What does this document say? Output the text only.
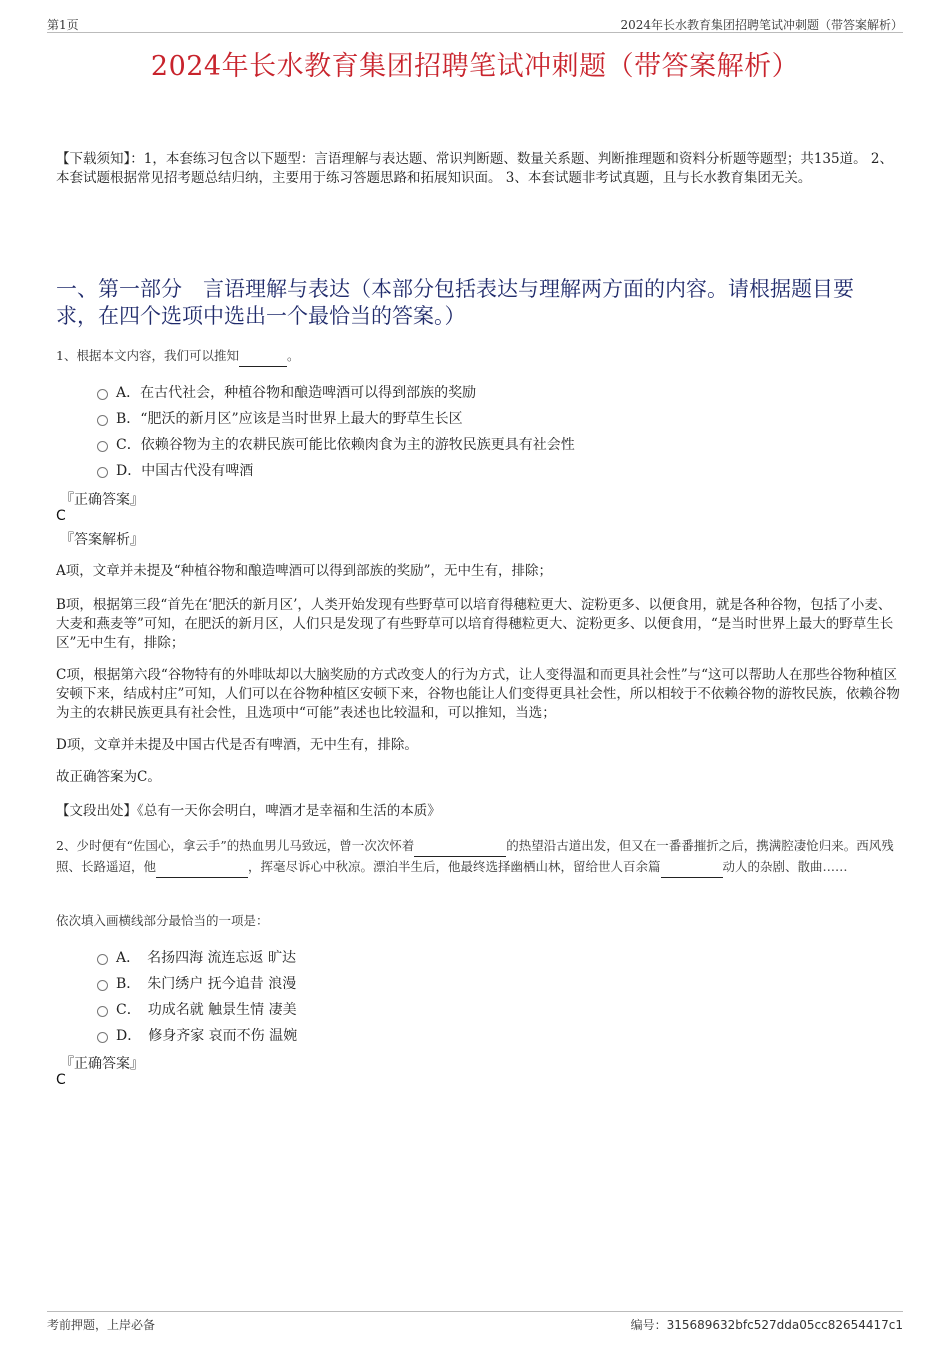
第1页	2024年长水教育集团招聘笔试冲刺题（带答案解析）
2024年长水教育集团招聘笔试冲刺题（带答案解析）
【下载须知】：1，本套练习包含以下题型：言语理解与表达题、常识判断题、数量关系题、判断推理题和资料分析题等题型；共135道。 2、本套试题根据常见招考题总结归纳，主要用于练习答题思路和拓展知识面。 3、本套试题非考试真题，且与长水教育集团无关。
一、第一部分　言语理解与表达（本部分包括表达与理解两方面的内容。请根据题目要求，在四个选项中选出一个最恰当的答案。）
1、根据本文内容，我们可以推知	。
A．在古代社会，种植谷物和酿造啤酒可以得到部族的奖励
B．“肥沃的新月区”应该是当时世界上最大的野草生长区
C．依赖谷物为主的农耕民族可能比依赖肉食为主的游牧民族更具有社会性
D．中国古代没有啤酒
『正确答案』
C
『答案解析』
A项，文章并未提及“种植谷物和酿造啤酒可以得到部族的奖励”，无中生有，排除；
B项，根据第三段“首先在‘肥沃的新月区’，人类开始发现有些野草可以培育得穗粒更大、淀粉更多、以便食用，就是各种谷物，包括了小麦、大麦和燕麦等”可知，在肥沃的新月区，人们只是发现了有些野草可以培育得穗粒更大、淀粉更多、以便食用，“是当时世界上最大的野草生长区”无中生有，排除；
C项，根据第六段“谷物特有的外啡呔却以大脑奖励的方式改变人的行为方式，让人变得温和而更具社会性”与“这可以帮助人在那些谷物种植区安顿下来，结成村庄”可知，人们可以在谷物种植区安顿下来，谷物也能让人们变得更具社会性，所以相较于不依赖谷物的游牧民族，依赖谷物为主的农耕民族更具有社会性，且选项中“可能”表述也比较温和，可以推知，当选；
D项，文章并未提及中国古代是否有啤酒，无中生有，排除。
故正确答案为C。
【文段出处】《总有一天你会明白，啤酒才是幸福和生活的本质》
2、少时便有“佐国心，拿云手”的热血男儿马致远，曾一次次怀着	的热望沿古道出发，但又在一番番摧折之后，携满腔凄怆归来。西风残照、长路遥迢，他	，挥毫尽诉心中秋凉。漂泊半生后，他最终选择幽栖山林，留给世人百余篇	动人的杂剧、散曲……
依次填入画横线部分最恰当的一项是：
A．　名扬四海 流连忘返 旷达
B．　朱门绣户 抚今追昔 浪漫
C．　功成名就 触景生情 凄美
D．　修身齐家 哀而不伤 温婉
『正确答案』
C
考前押题，上岸必备	编号：315689632bfc527dda05cc82654417c1
